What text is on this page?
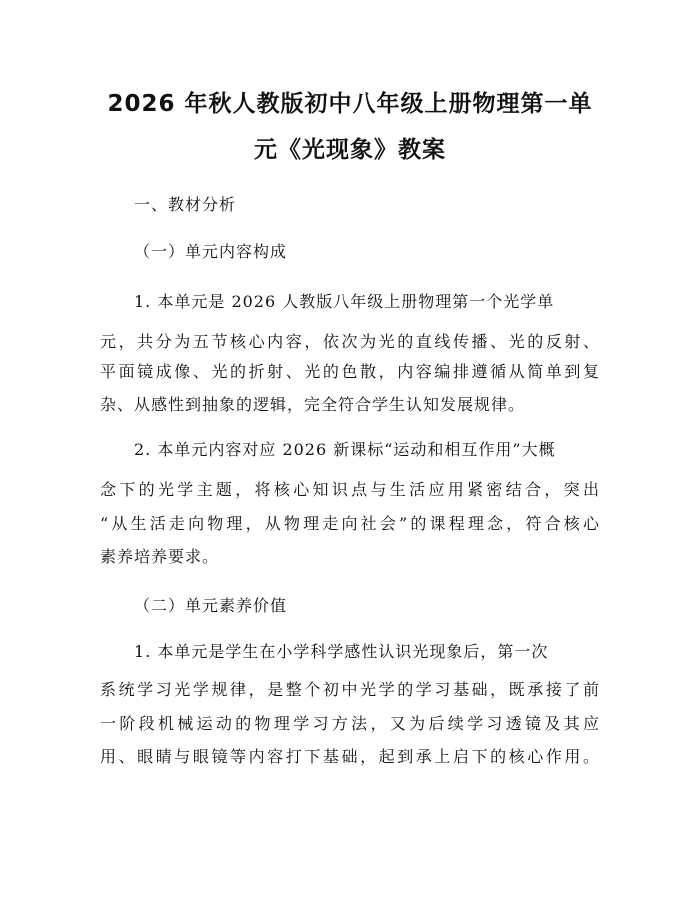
2026 年秋人教版初中八年级上册物理第一单
元《光现象》教案
一、教材分析
（一）单元内容构成
1. 本单元是 2026 人教版八年级上册物理第一个光学单
元，共分为五节核心内容，依次为光的直线传播、光的反射、
平面镜成像、光的折射、光的色散，内容编排遵循从简单到复
杂、从感性到抽象的逻辑，完全符合学生认知发展规律。
2. 本单元内容对应 2026 新课标“运动和相互作用”大概
念下的光学主题，将核心知识点与生活应用紧密结合，突出
“从生活走向物理，从物理走向社会”的课程理念，符合核心
素养培养要求。
（二）单元素养价值
1. 本单元是学生在小学科学感性认识光现象后，第一次
系统学习光学规律，是整个初中光学的学习基础，既承接了前
一阶段机械运动的物理学习方法，又为后续学习透镜及其应
用、眼睛与眼镜等内容打下基础，起到承上启下的核心作用。
